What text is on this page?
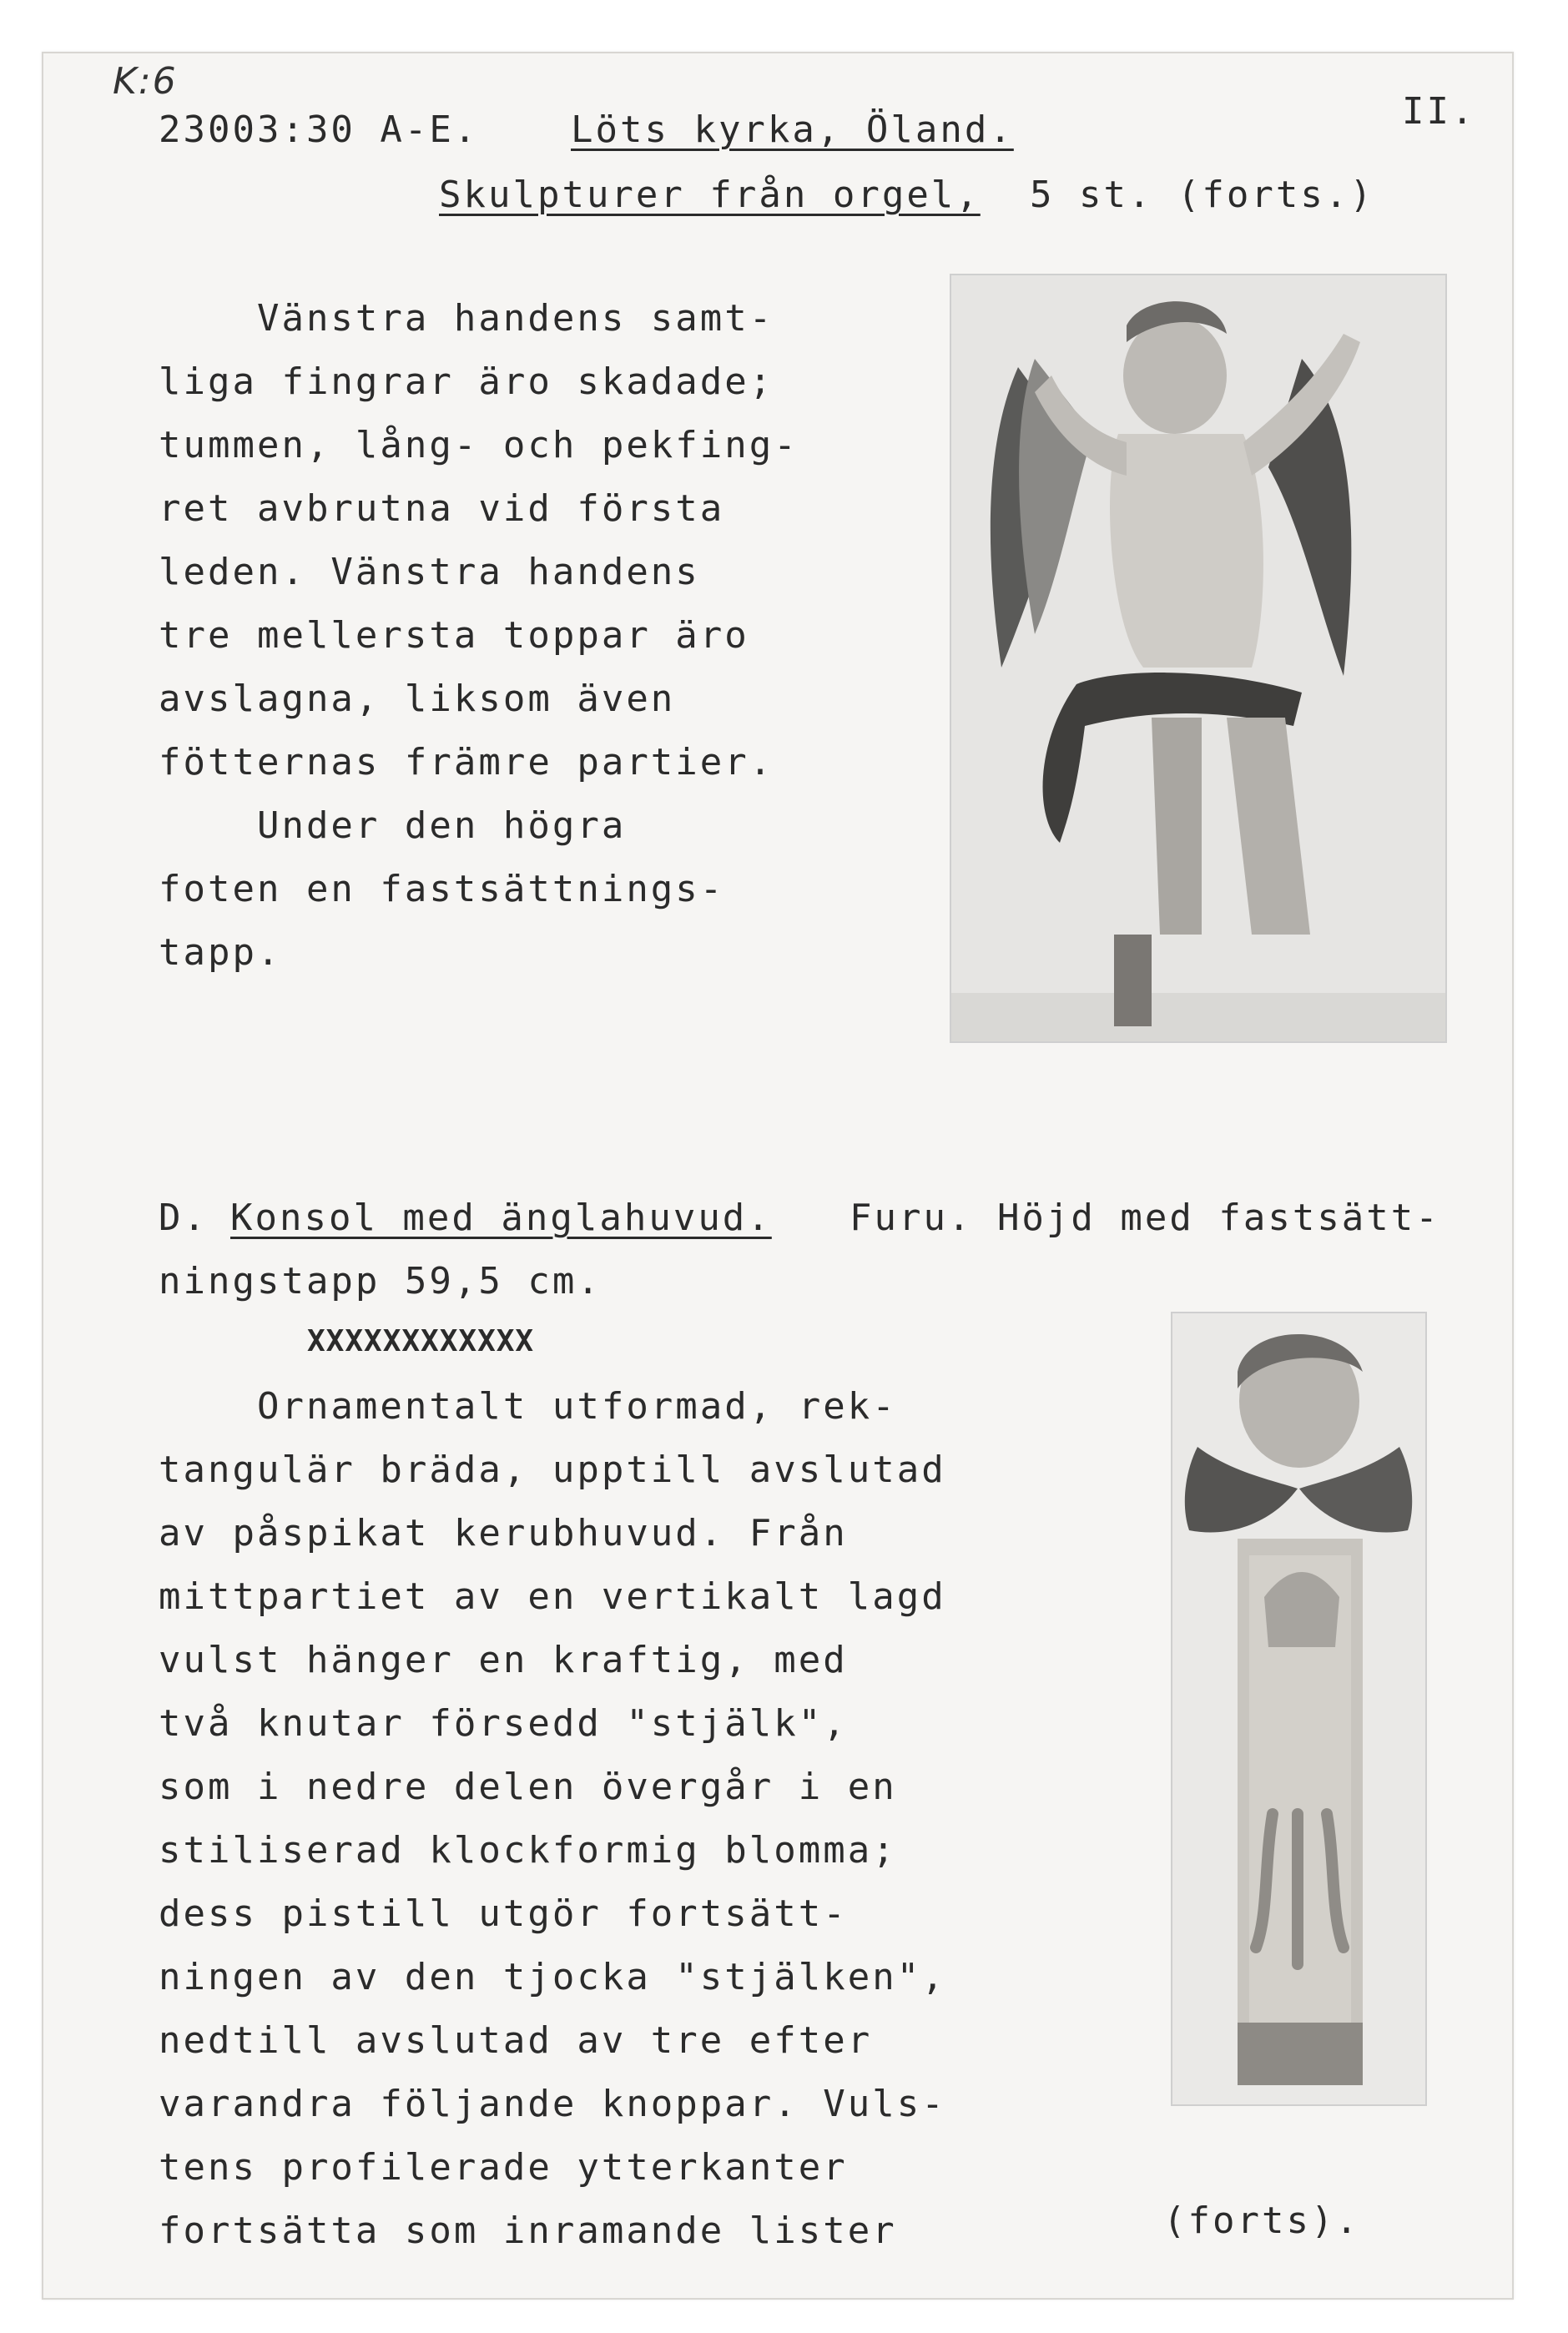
K:6
23003:30 A-E.	Löts kyrka, Öland.	II.
Skulpturer från orgel, 5 st. (forts.)
Vänstra handens samt-
liga fingrar äro skadade;
tummen, lång- och pekfing-
ret avbrutna vid första
leden. Vänstra handens
tre mellersta toppar äro
avslagna, liksom även
fötternas främre partier.
Under den högra
foten en fastsättnings-
tapp.
D. Konsol med änglahuvud. Furu. Höjd med fastsätt-
ningstapp 59,5 cm.
XXXXXXXXXXXX
Ornamentalt utformad, rek-
tangulär bräda, upptill avslutad
av påspikat kerubhuvud. Från
mittpartiet av en vertikalt lagd
vulst hänger en kraftig, med
två knutar försedd "stjälk",
som i nedre delen övergår i en
stiliserad klockformig blomma;
dess pistill utgör fortsätt-
ningen av den tjocka "stjälken",
nedtill avslutad av tre efter
varandra följande knoppar. Vuls-
tens profilerade ytterkanter
fortsätta som inramande lister	(forts).
